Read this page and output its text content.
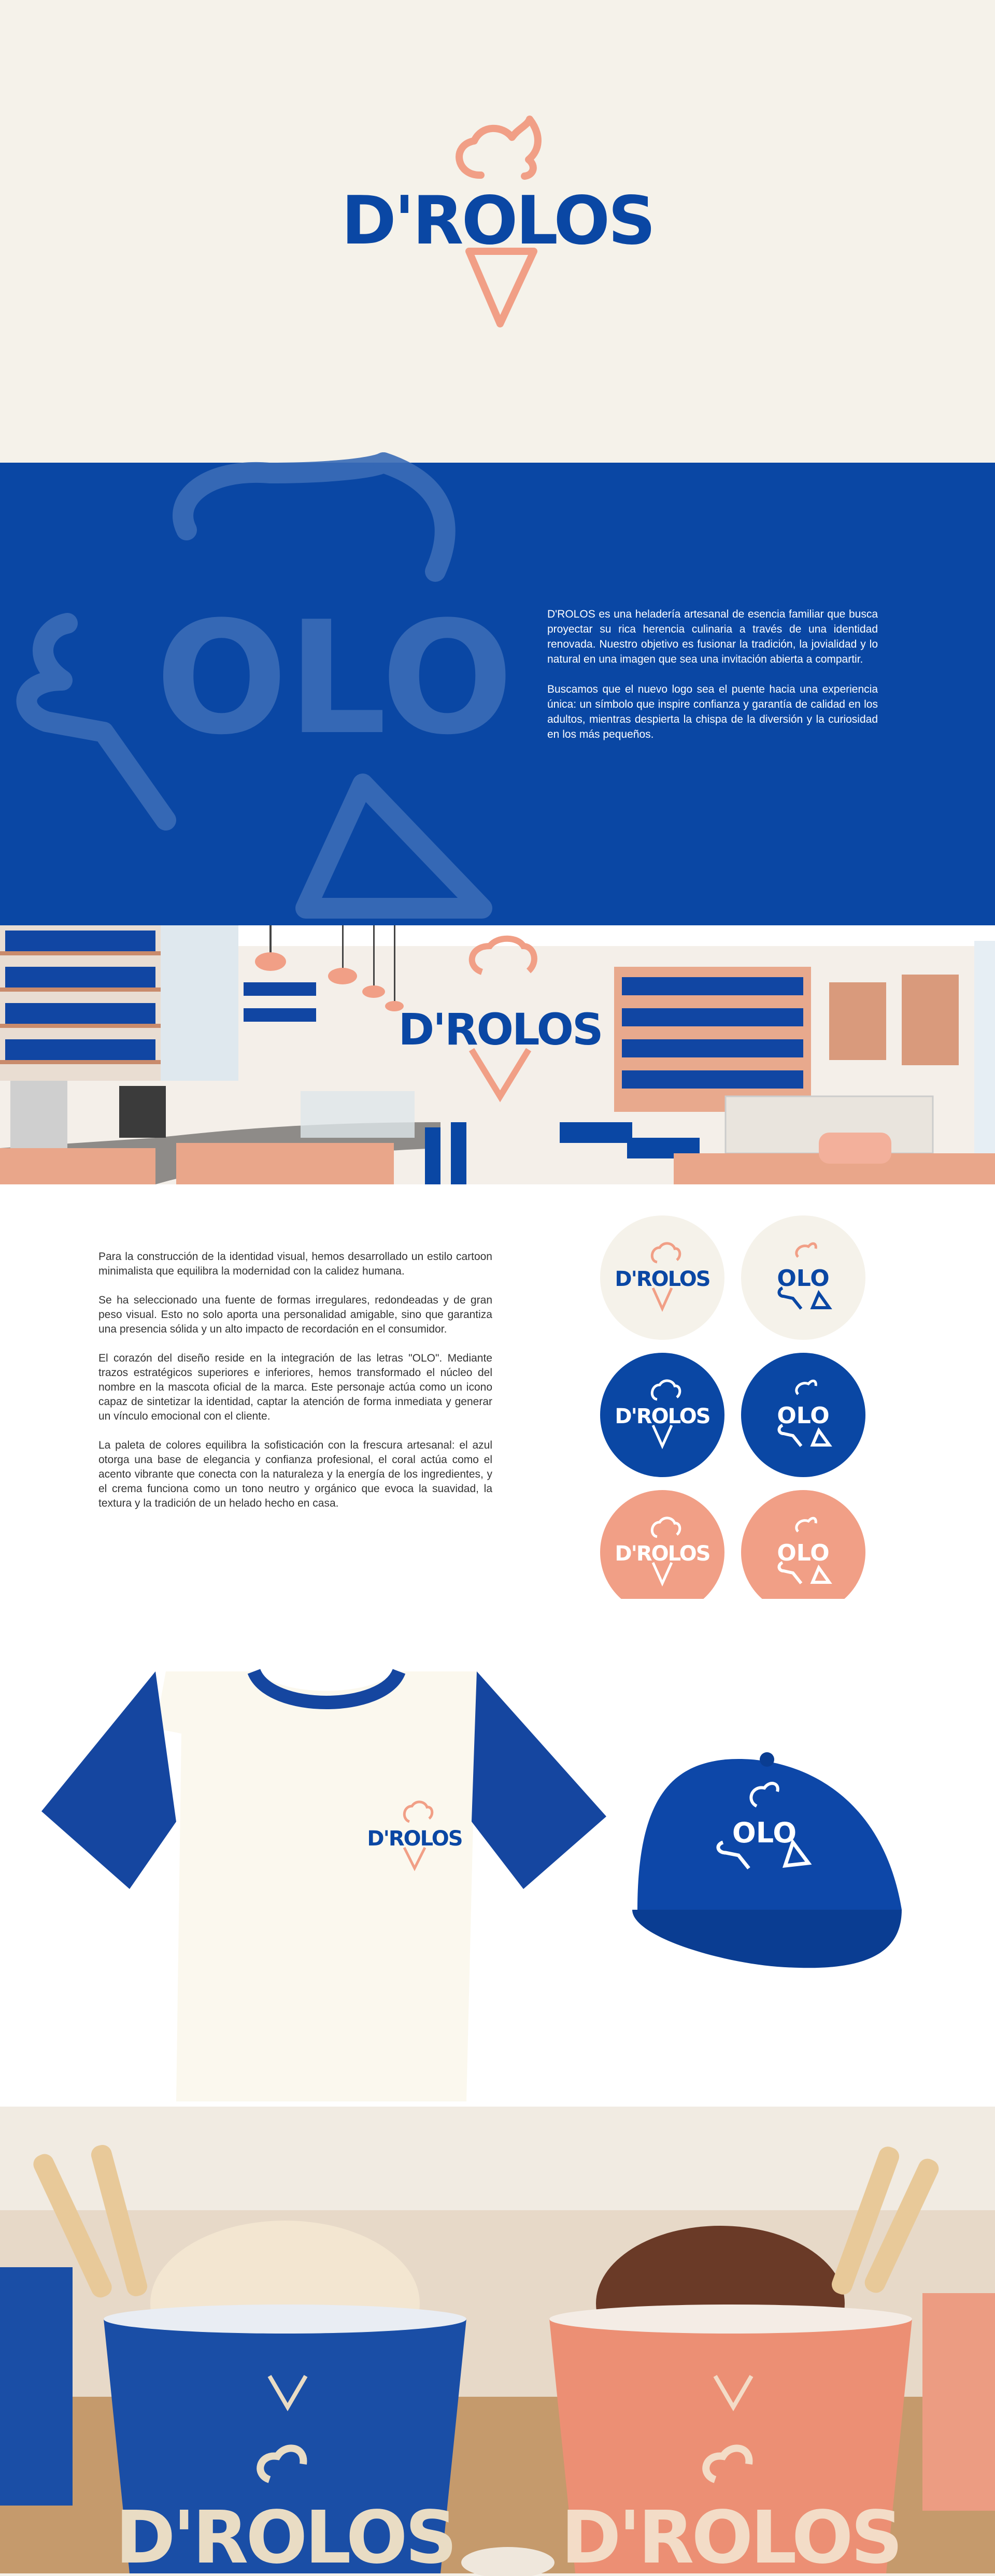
D'ROLOS
OLO	D'ROLOS es una heladería artesanal de esencia familiar que busca proyectar su rica herencia culinaria a través de una identidad renovada. Nuestro objetivo es fusionar la tradición, la jovialidad y lo natural en una imagen que sea una invitación abierta a compartir.

Buscamos que el nuevo logo sea el puente hacia una experiencia única: un símbolo que inspire confianza y garantía de calidad en los adultos, mientras despierta la chispa de la diversión y la curiosidad en los más pequeños.

D'ROLOS

Para la construcción de la identidad visual, hemos desarrollado un estilo cartoon minimalista que equilibra la modernidad con la calidez humana.

Se ha seleccionado una fuente de formas irregulares, redondeadas y de gran peso visual. Esto no solo aporta una personalidad amigable, sino que garantiza una presencia sólida y un alto impacto de recordación en el consumidor.

El corazón del diseño reside en la integración de las letras "OLO". Mediante trazos estratégicos superiores e inferiores, hemos transformado el núcleo del nombre en la mascota oficial de la marca. Este personaje actúa como un icono capaz de sintetizar la identidad, captar la atención de forma inmediata y generar un vínculo emocional con el cliente.

La paleta de colores equilibra la sofisticación con la frescura artesanal: el azul otorga una base de elegancia y confianza profesional, el coral actúa como el acento vibrante que conecta con la naturaleza y la energía de los ingredientes, y el crema funciona como un tono neutro y orgánico que evoca la suavidad, la textura y la tradición de un helado hecho en casa.

D'ROLOS	OLO
D'ROLOS	OLO
D'ROLOS	OLO
D'ROLOS	OLO
D'ROLOS D'ROLOS
